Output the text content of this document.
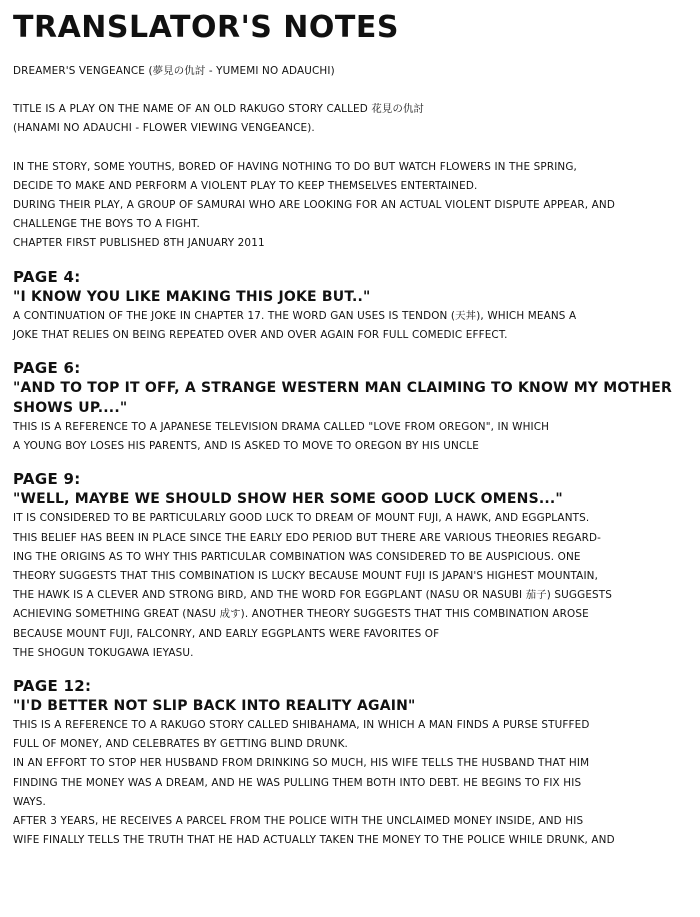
TRANSLATOR'S NOTES
DREAMER'S VENGEANCE (夢見の仇討 - YUMEMI NO ADAUCHI)
TITLE IS A PLAY ON THE NAME OF AN OLD RAKUGO STORY CALLED 花見の仇討
(HANAMI NO ADAUCHI - FLOWER VIEWING VENGEANCE).
IN THE STORY, SOME YOUTHS, BORED OF HAVING NOTHING TO DO BUT WATCH FLOWERS IN THE SPRING,
DECIDE TO MAKE AND PERFORM A VIOLENT PLAY TO KEEP THEMSELVES ENTERTAINED.
DURING THEIR PLAY, A GROUP OF SAMURAI WHO ARE LOOKING FOR AN ACTUAL VIOLENT DISPUTE APPEAR, AND
CHALLENGE THE BOYS TO A FIGHT.
CHAPTER FIRST PUBLISHED 8TH JANUARY 2011
PAGE 4:
"I KNOW YOU LIKE MAKING THIS JOKE BUT.."
A CONTINUATION OF THE JOKE IN CHAPTER 17. THE WORD GAN USES IS TENDON (天丼), WHICH MEANS A
JOKE THAT RELIES ON BEING REPEATED OVER AND OVER AGAIN FOR FULL COMEDIC EFFECT.
PAGE 6:
"AND TO TOP IT OFF, A STRANGE WESTERN MAN CLAIMING TO KNOW MY MOTHER
SHOWS UP...."
THIS IS A REFERENCE TO A JAPANESE TELEVISION DRAMA CALLED "LOVE FROM OREGON", IN WHICH
A YOUNG BOY LOSES HIS PARENTS, AND IS ASKED TO MOVE TO OREGON BY HIS UNCLE
PAGE 9:
"WELL, MAYBE WE SHOULD SHOW HER SOME GOOD LUCK OMENS..."
IT IS CONSIDERED TO BE PARTICULARLY GOOD LUCK TO DREAM OF MOUNT FUJI, A HAWK, AND EGGPLANTS.
THIS BELIEF HAS BEEN IN PLACE SINCE THE EARLY EDO PERIOD BUT THERE ARE VARIOUS THEORIES REGARD-
ING THE ORIGINS AS TO WHY THIS PARTICULAR COMBINATION WAS CONSIDERED TO BE AUSPICIOUS. ONE
THEORY SUGGESTS THAT THIS COMBINATION IS LUCKY BECAUSE MOUNT FUJI IS JAPAN'S HIGHEST MOUNTAIN,
THE HAWK IS A CLEVER AND STRONG BIRD, AND THE WORD FOR EGGPLANT (NASU OR NASUBI 茄子) SUGGESTS
ACHIEVING SOMETHING GREAT (NASU 成す). ANOTHER THEORY SUGGESTS THAT THIS COMBINATION AROSE
BECAUSE MOUNT FUJI, FALCONRY, AND EARLY EGGPLANTS WERE FAVORITES OF
THE SHOGUN TOKUGAWA IEYASU.
PAGE 12:
"I'D BETTER NOT SLIP BACK INTO REALITY AGAIN"
THIS IS A REFERENCE TO A RAKUGO STORY CALLED SHIBAHAMA, IN WHICH A MAN FINDS A PURSE STUFFED
FULL OF MONEY, AND CELEBRATES BY GETTING BLIND DRUNK.
IN AN EFFORT TO STOP HER HUSBAND FROM DRINKING SO MUCH, HIS WIFE TELLS THE HUSBAND THAT HIM
FINDING THE MONEY WAS A DREAM, AND HE WAS PULLING THEM BOTH INTO DEBT. HE BEGINS TO FIX HIS
WAYS.
AFTER 3 YEARS, HE RECEIVES A PARCEL FROM THE POLICE WITH THE UNCLAIMED MONEY INSIDE, AND HIS
WIFE FINALLY TELLS THE TRUTH THAT HE HAD ACTUALLY TAKEN THE MONEY TO THE POLICE WHILE DRUNK, AND
